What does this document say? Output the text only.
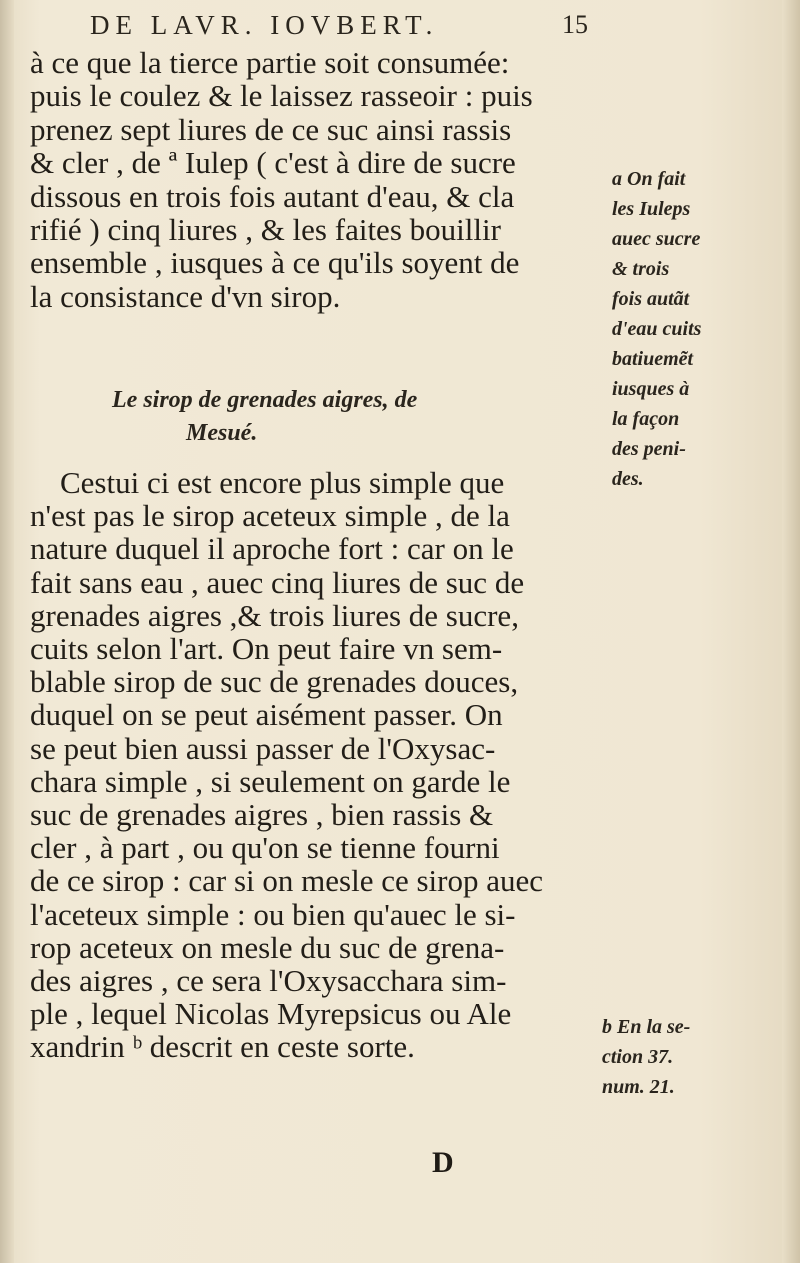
DE LAVR. IOVBERT.	15
à ce que la tierce partie soit consumée:
puis le coulez & le laissez rasseoir : puis
prenez sept liures de ce suc ainsi rassis
& cler , de ª Iulep ( c'est à dire de sucre
dissous en trois fois autant d'eau, & cla
rifié ) cinq liures , & les faites bouillir
ensemble , iusques à ce qu'ils soyent de
la consistance d'vn sirop.
Le sirop de grenades aigres, de
Mesué.
Cestui ci est encore plus simple que
n'est pas le sirop aceteux simple , de la
nature duquel il aproche fort : car on le
fait sans eau , auec cinq liures de suc de
grenades aigres ,& trois liures de sucre,
cuits selon l'art. On peut faire vn sem-
blable sirop de suc de grenades douces,
duquel on se peut aisément passer. On
se peut bien aussi passer de l'Oxysac-
chara simple , si seulement on garde le
suc de grenades aigres , bien rassis &
cler , à part , ou qu'on se tienne fourni
de ce sirop : car si on mesle ce sirop auec
l'aceteux simple : ou bien qu'auec le si-
rop aceteux on mesle du suc de grena-
des aigres , ce sera l'Oxysacchara sim-
ple , lequel Nicolas Myrepsicus ou Ale
xandrin ᵇ descrit en ceste sorte.
a On fait
les Iuleps
auec sucre
& trois
fois autãt
d'eau cuits
batiuemẽt
iusques à
la façon
des peni-
des.
b En la se-
ction 37.
num. 21.
D
